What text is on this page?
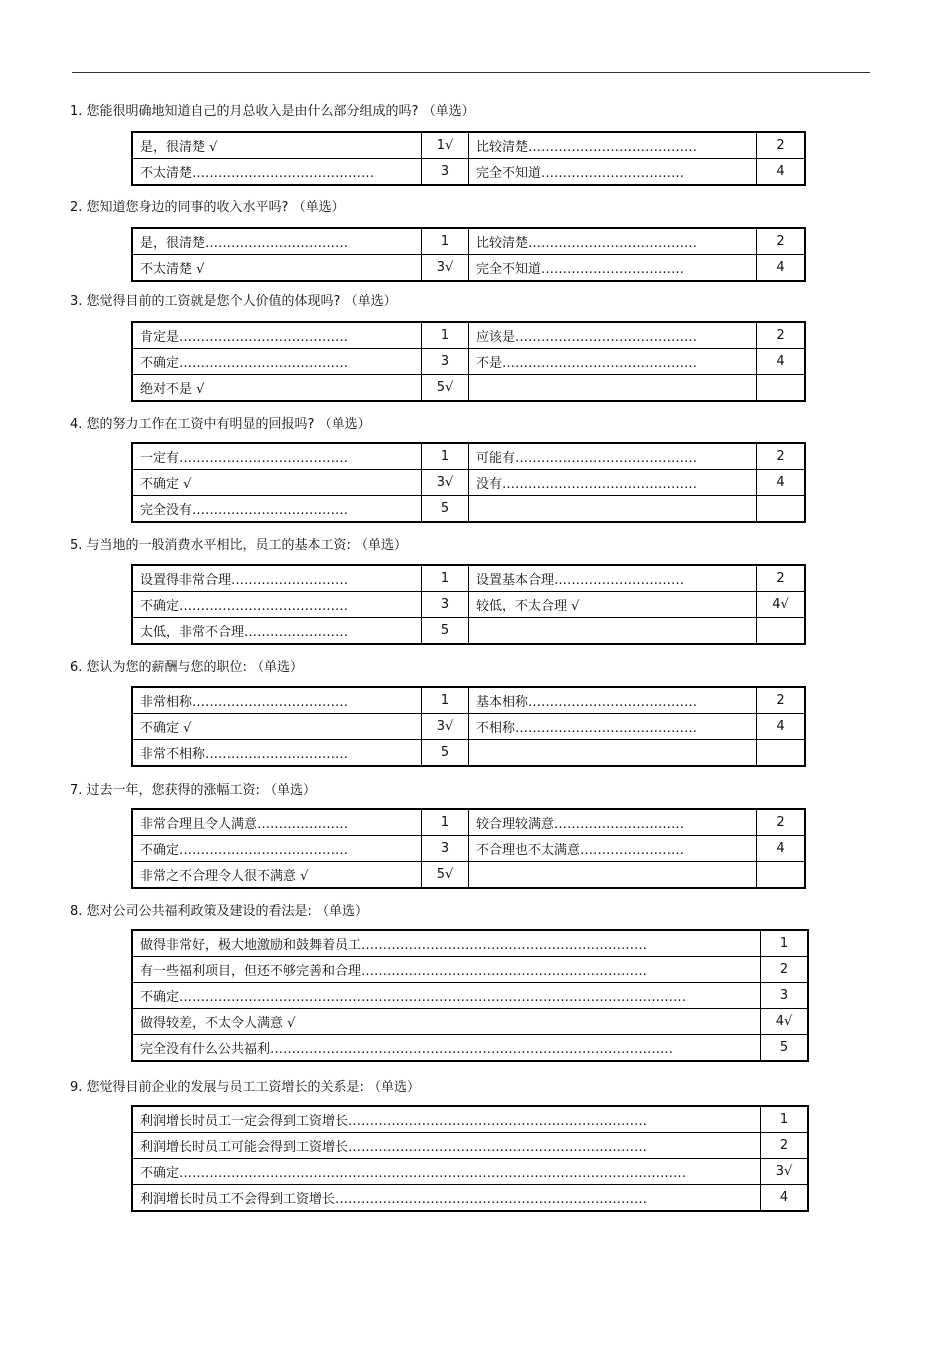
1. 您能很明确地知道自己的月总收入是由什么部分组成的吗? （单选）
是，很清楚 √	1√	比较清楚…………………………………	2
不太清楚……………………………………	3	完全不知道……………………………	4
2. 您知道您身边的同事的收入水平吗? （单选）
是，很清楚……………………………	1	比较清楚…………………………………	2
不太清楚 √	3√	完全不知道……………………………	4
3. 您觉得目前的工资就是您个人价值的体现吗? （单选）
肯定是…………………………………	1	应该是……………………………………	2
不确定…………………………………	3	不是………………………………………	4
绝对不是 √	5√		
4. 您的努力工作在工资中有明显的回报吗? （单选）
一定有…………………………………	1	可能有……………………………………	2
不确定 √	3√	没有………………………………………	4
完全没有………………………………	5		
5. 与当地的一般消费水平相比，员工的基本工资: （单选）
设置得非常合理………………………	1	设置基本合理…………………………	2
不确定…………………………………	3	较低，不太合理 √	4√
太低，非常不合理……………………	5		
6. 您认为您的薪酬与您的职位: （单选）
非常相称………………………………	1	基本相称…………………………………	2
不确定 √	3√	不相称……………………………………	4
非常不相称……………………………	5		
7. 过去一年，您获得的涨幅工资: （单选）
非常合理且令人满意…………………	1	较合理较满意…………………………	2
不确定…………………………………	3	不合理也不太满意……………………	4
非常之不合理令人很不满意 √	5√		
8. 您对公司公共福利政策及建设的看法是: （单选）
做得非常好，极大地激励和鼓舞着员工…………………………………………………………	1
有一些福利项目，但还不够完善和合理…………………………………………………………	2
不确定………………………………………………………………………………………………………	3
做得较差，不太令人满意 √	4√
完全没有什么公共福利…………………………………………………………………………………	5
9. 您觉得目前企业的发展与员工工资增长的关系是: （单选）
利润增长时员工一定会得到工资增长……………………………………………………………	1
利润增长时员工可能会得到工资增长……………………………………………………………	2
不确定………………………………………………………………………………………………………	3√
利润增长时员工不会得到工资增长………………………………………………………………	4
